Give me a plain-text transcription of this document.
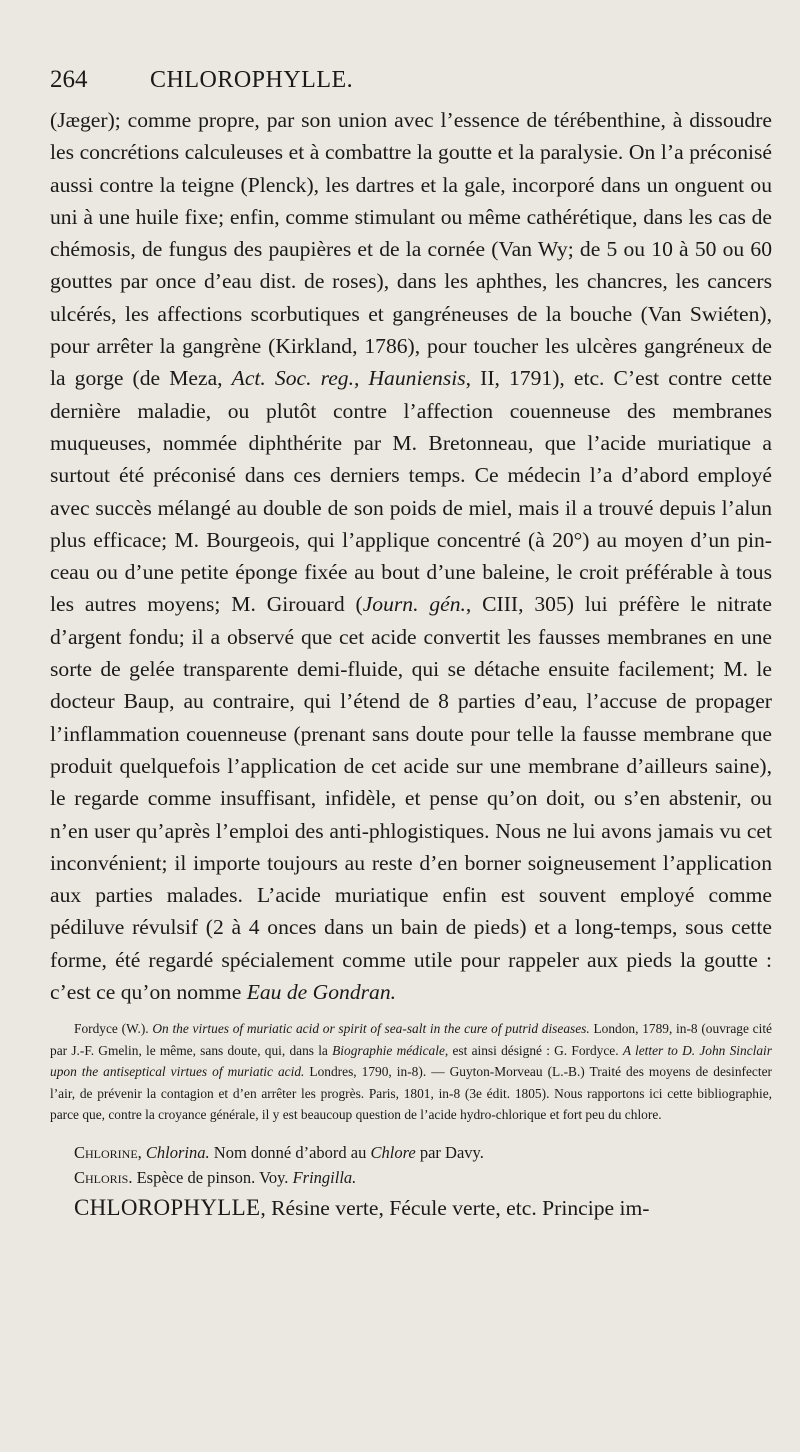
264	CHLOROPHYLLE.

(Jæger); comme propre, par son union avec l’essence de térébenthine, à dissoudre les concrétions calculeuses et à combattre la goutte et la paralysie. On l’a préconisé aussi contre la teigne (Plenck), les dartres et la gale, incorporé dans un onguent ou uni à une huile fixe; enfin, comme stimulant ou même cathérétique, dans les cas de chémosis, de fungus des paupières et de la cornée (Van Wy; de 5 ou 10 à 50 ou 60 gouttes par once d’eau dist. de roses), dans les aphthes, les chancres, les cancers ulcérés, les affections scorbutiques et gangréneuses de la bouche (Van Swiéten), pour arrêter la gangrène (Kirkland, 1786), pour toucher les ulcères gangréneux de la gorge (de Meza, Act. Soc. reg., Hauniensis, II, 1791), etc. C’est contre cette dernière maladie, ou plutôt contre l’affection couenneuse des membranes muqueuses, nommée diphthérite par M. Bretonneau, que l’acide muriatique a surtout été préconisé dans ces derniers temps. Ce médecin l’a d’abord employé avec succès mélangé au double de son poids de miel, mais il a trouvé depuis l’alun plus efficace; M. Bourgeois, qui l’applique concentré (à 20°) au moyen d’un pinceau ou d’une petite éponge fixée au bout d’une baleine, le croit préférable à tous les autres moyens; M. Girouard (Journ. gén., CIII, 305) lui préfère le nitrate d’argent fondu; il a observé que cet acide convertit les fausses membranes en une sorte de gelée transparente demi-fluide, qui se détache ensuite facilement; M. le docteur Baup, au contraire, qui l’étend de 8 parties d’eau, l’accuse de propager l’inflammation couenneuse (prenant sans doute pour telle la fausse membrane que produit quelquefois l’application de cet acide sur une membrane d’ailleurs saine), le regarde comme insuffisant, infidèle, et pense qu’on doit, ou s’en abstenir, ou n’en user qu’après l’emploi des anti-phlogistiques. Nous ne lui avons jamais vu cet inconvénient; il importe toujours au reste d’en borner soigneusement l’application aux parties malades. L’acide muriatique enfin est souvent employé comme pédiluve révulsif (2 à 4 onces dans un bain de pieds) et a long-temps, sous cette forme, été regardé spécialement comme utile pour rappeler aux pieds la goutte : c’est ce qu’on nomme Eau de Gondran.

Fordyce (W.). On the virtues of muriatic acid or spirit of sea-salt in the cure of putrid diseases. London, 1789, in-8 (ouvrage cité par J.-F. Gmelin, le même, sans doute, qui, dans la Biographie médicale, est ainsi désigné : G. Fordyce. A letter to D. John Sinclair upon the antiseptical virtues of muriatic acid. Londres, 1790, in-8). — Guyton-Morveau (L.-B.) Traité des moyens de desinfecter l’air, de prévenir la contagion et d’en arrêter les progrès. Paris, 1801, in-8 (3e édit. 1805). Nous rapportons ici cette bibliographie, parce que, contre la croyance générale, il y est beaucoup question de l’acide hydro-chlorique et fort peu du chlore.

Chlorine, Chlorina. Nom donné d’abord au Chlore par Davy.

Chloris. Espèce de pinson. Voy. Fringilla.

CHLOROPHYLLE, Résine verte, Fécule verte, etc. Principe im-
